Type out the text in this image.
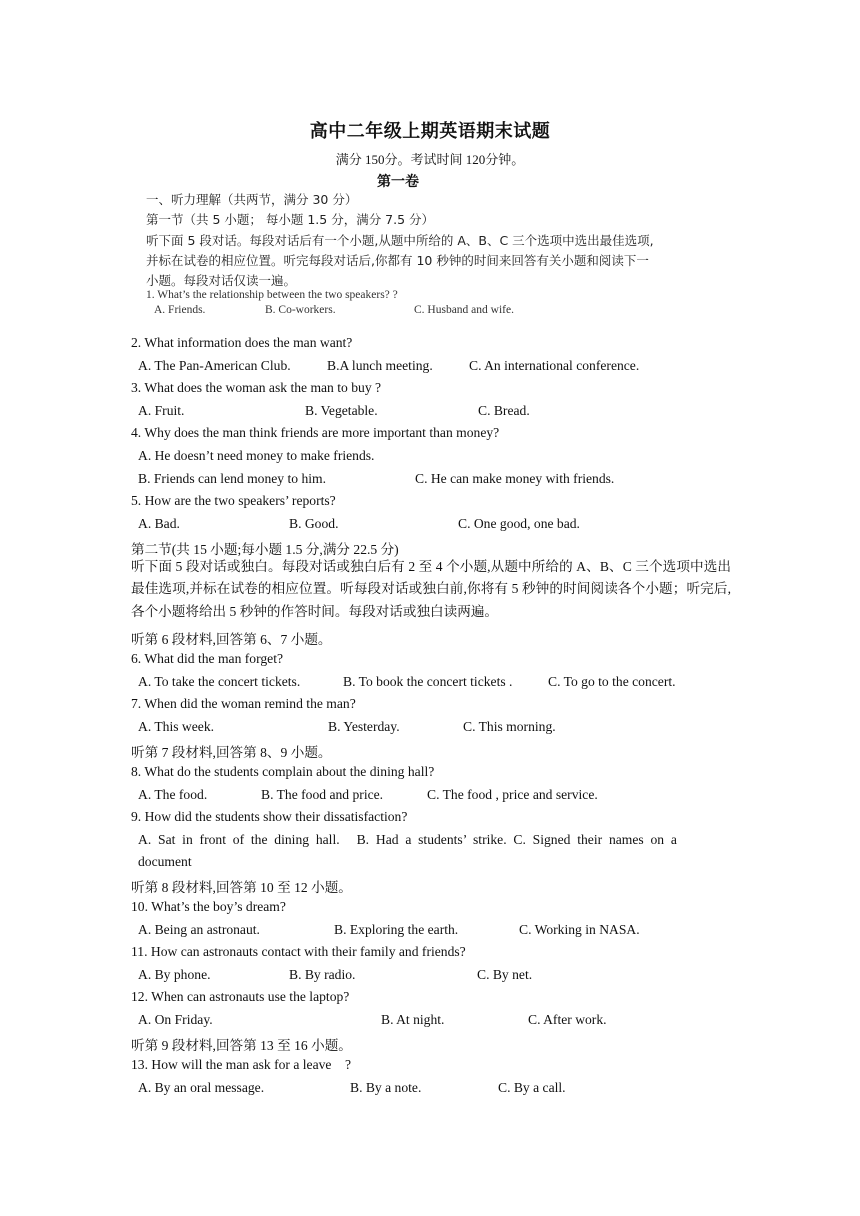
高中二年级上期英语期末试题
满分 150分。考试时间 120分钟。
第一卷
一、听力理解（共两节，满分 30 分）
第一节（共 5 小题； 每小题 1.5 分，满分 7.5 分）
听下面 5 段对话。每段对话后有一个小题,从题中所给的 A、B、C 三个选项中选出最佳选项,
并标在试卷的相应位置。听完每段对话后,你都有 10 秒钟的时间来回答有关小题和阅读下一
小题。每段对话仅读一遍。
1. What’s the relationship between the two speakers? ?
A. Friends.	B. Co-workers.	C. Husband and wife.
2. What information does the man want?
A. The Pan-American Club.	B.A lunch meeting.	C. An international conference.
3. What does the woman ask the man to buy ?
A. Fruit.	B. Vegetable.	C. Bread.
4. Why does the man think friends are more important than money?
A. He doesn’t need money to make friends.
B. Friends can lend money to him.	C. He can make money with friends.
5. How are the two speakers’ reports?
A. Bad.	B. Good.	C. One good, one bad.
第二节(共 15 小题;每小题 1.5 分,满分 22.5 分)
听下面 5 段对话或独白。每段对话或独白后有 2 至 4 个小题,从题中所给的 A、B、C 三个选项中选出最佳选项,并标在试卷的相应位置。听每段对话或独白前,你将有 5 秒钟的时间阅读各个小题；听完后,各个小题将给出 5 秒钟的作答时间。每段对话或独白读两遍。
听第 6 段材料,回答第 6、7 小题。
6. What did the man forget?
A. To take the concert tickets.	B. To book the concert tickets .	C. To go to the concert.
7. When did the woman remind the man?
A. This week.	B. Yesterday.	C. This morning.
听第 7 段材料,回答第 8、9 小题。
8. What do the students complain about the dining hall?
A. The food.	B. The food and price.	C. The food , price and service.
9. How did the students show their dissatisfaction?
A.  Sat  in  front  of  the  dining  hall.     B.  Had  a  students’  strike.  C.  Signed  their  names  on  a
document
听第 8 段材料,回答第 10 至 12 小题。
10. What’s the boy’s dream?
A. Being an astronaut.	B. Exploring the earth.	C. Working in NASA.
11. How can astronauts contact with their family and friends?
A. By phone.	B. By radio.	C. By net.
12. When can astronauts use the laptop?
A. On Friday.	B. At night.	C. After work.
听第 9 段材料,回答第 13 至 16 小题。
13. How will the man ask for a leave    ?
A. By an oral message.	B. By a note.	C. By a call.
